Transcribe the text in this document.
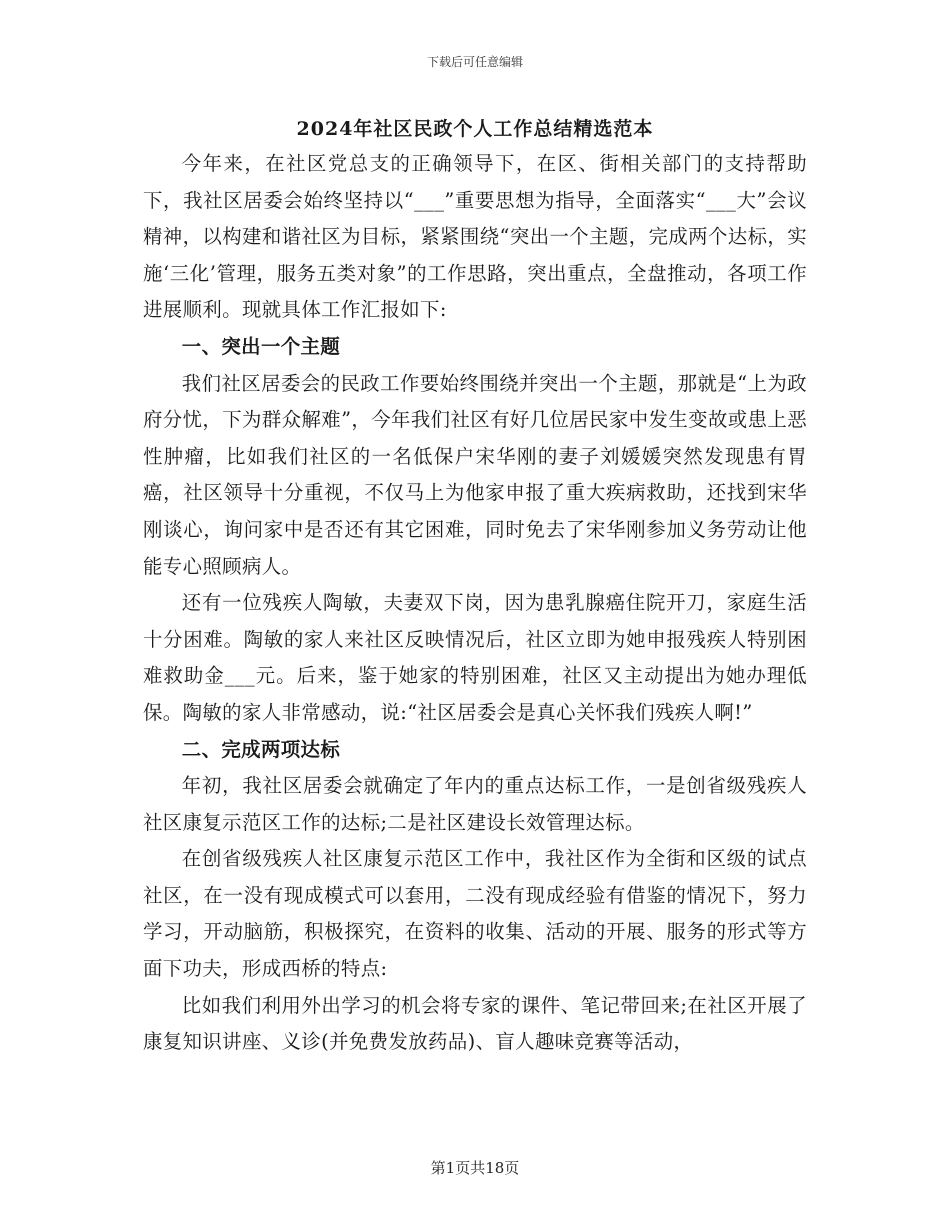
下载后可任意编辑
2024年社区民政个人工作总结精选范本

今年来，在社区党总支的正确领导下，在区、街相关部门的支持帮助下，我社区居委会始终坚持以“___”重要思想为指导，全面落实“___大”会议精神，以构建和谐社区为目标，紧紧围绕“突出一个主题，完成两个达标，实施‘三化’管理，服务五类对象”的工作思路，突出重点，全盘推动，各项工作进展顺利。现就具体工作汇报如下:

一、突出一个主题

我们社区居委会的民政工作要始终围绕并突出一个主题，那就是“上为政府分忧，下为群众解难”，今年我们社区有好几位居民家中发生变故或患上恶性肿瘤，比如我们社区的一名低保户宋华刚的妻子刘媛媛突然发现患有胃癌，社区领导十分重视，不仅马上为他家申报了重大疾病救助，还找到宋华刚谈心，询问家中是否还有其它困难，同时免去了宋华刚参加义务劳动让他能专心照顾病人。

还有一位残疾人陶敏，夫妻双下岗，因为患乳腺癌住院开刀，家庭生活十分困难。陶敏的家人来社区反映情况后，社区立即为她申报残疾人特别困难救助金___元。后来，鉴于她家的特别困难，社区又主动提出为她办理低保。陶敏的家人非常感动，说:“社区居委会是真心关怀我们残疾人啊!”

二、完成两项达标

年初，我社区居委会就确定了年内的重点达标工作，一是创省级残疾人社区康复示范区工作的达标;二是社区建设长效管理达标。

在创省级残疾人社区康复示范区工作中，我社区作为全街和区级的试点社区，在一没有现成模式可以套用，二没有现成经验有借鉴的情况下，努力学习，开动脑筋，积极探究，在资料的收集、活动的开展、服务的形式等方面下功夫，形成西桥的特点:

比如我们利用外出学习的机会将专家的课件、笔记带回来;在社区开展了康复知识讲座、义诊(并免费发放药品)、盲人趣味竞赛等活动，

第1页共18页
